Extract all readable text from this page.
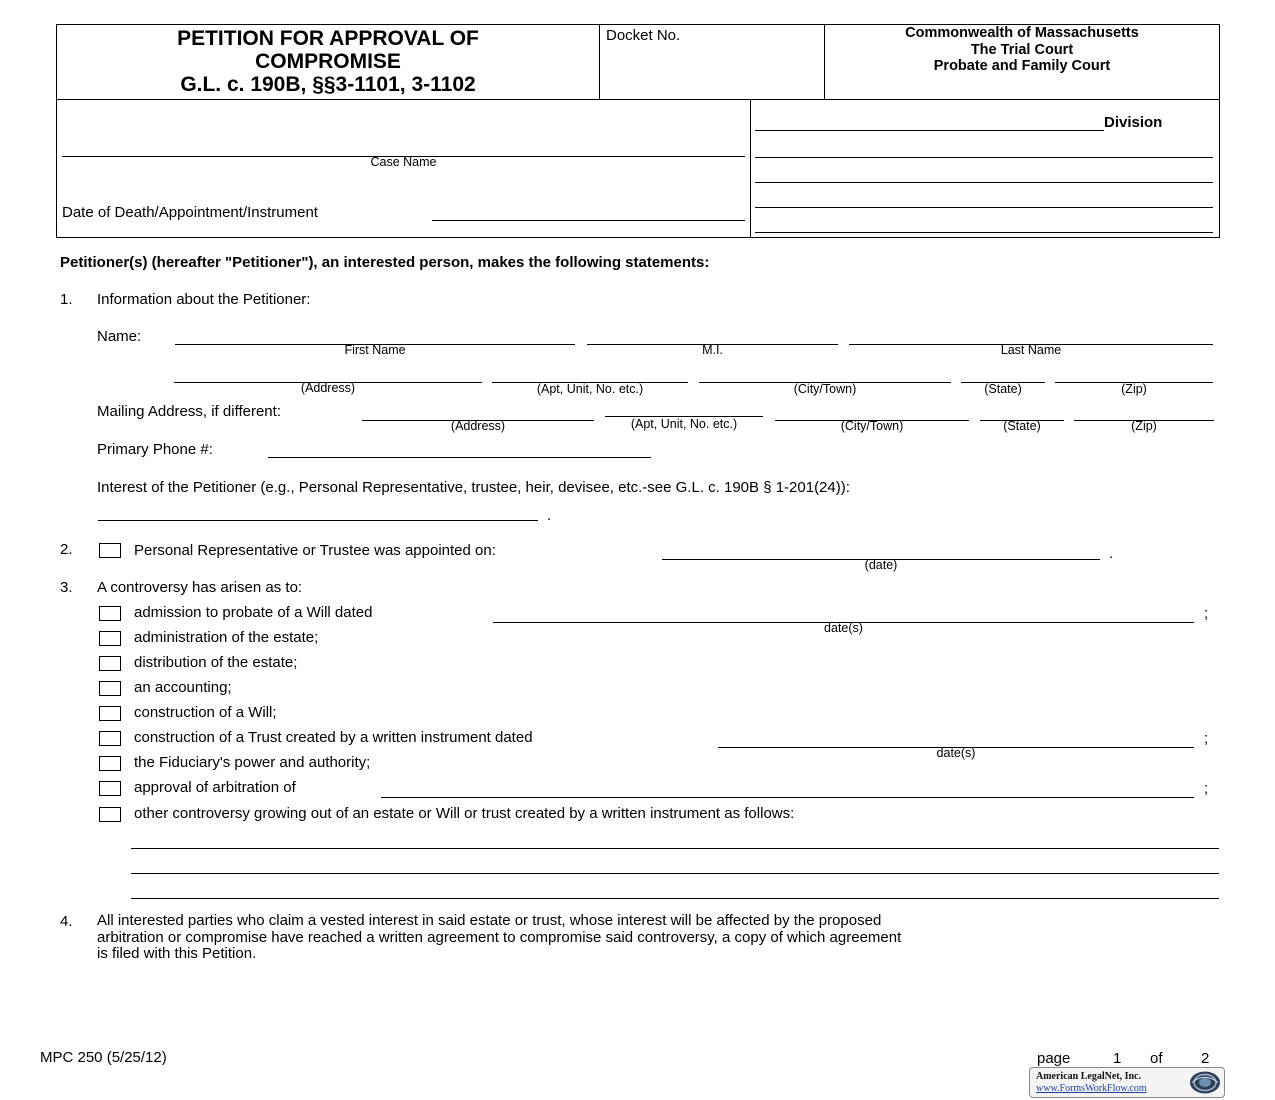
PETITION FOR APPROVAL OF
COMPROMISE
G.L. c. 190B, §§3-1101, 3-1102
Docket No.	Commonwealth of Massachusetts
The Trial Court
Probate and Family Court
Case Name
Date of Death/Appointment/Instrument
Division
Petitioner(s) (hereafter "Petitioner"), an interested person, makes the following statements:
1. Information about the Petitioner:
Name:
First Name	M.I.	Last Name
(Address)	(Apt, Unit, No. etc.)	(City/Town)	(State)	(Zip)
Mailing Address, if different:
(Address)	(Apt, Unit, No. etc.)	(City/Town)	(State)	(Zip)
Primary Phone #:
Interest of the Petitioner (e.g., Personal Representative, trustee, heir, devisee, etc.-see G.L. c. 190B § 1-201(24)):
.
2.	Personal Representative or Trustee was appointed on:
(date)
.
3. A controversy has arisen as to:
admission to probate of a Will dated
date(s)
;
administration of the estate;
distribution of the estate;
an accounting;
construction of a Will;
construction of a Trust created by a written instrument dated
date(s)
;
the Fiduciary's power and authority;
approval of arbitration of	;
other controversy growing out of an estate or Will or trust created by a written instrument as follows:
4. All interested parties who claim a vested interest in said estate or trust, whose interest will be affected by the proposed
arbitration or compromise have reached a written agreement to compromise said controversy, a copy of which agreement
is filed with this Petition.
MPC 250 (5/25/12)	page	1 of	2
American LegalNet, Inc.
www.FormsWorkFlow.com
